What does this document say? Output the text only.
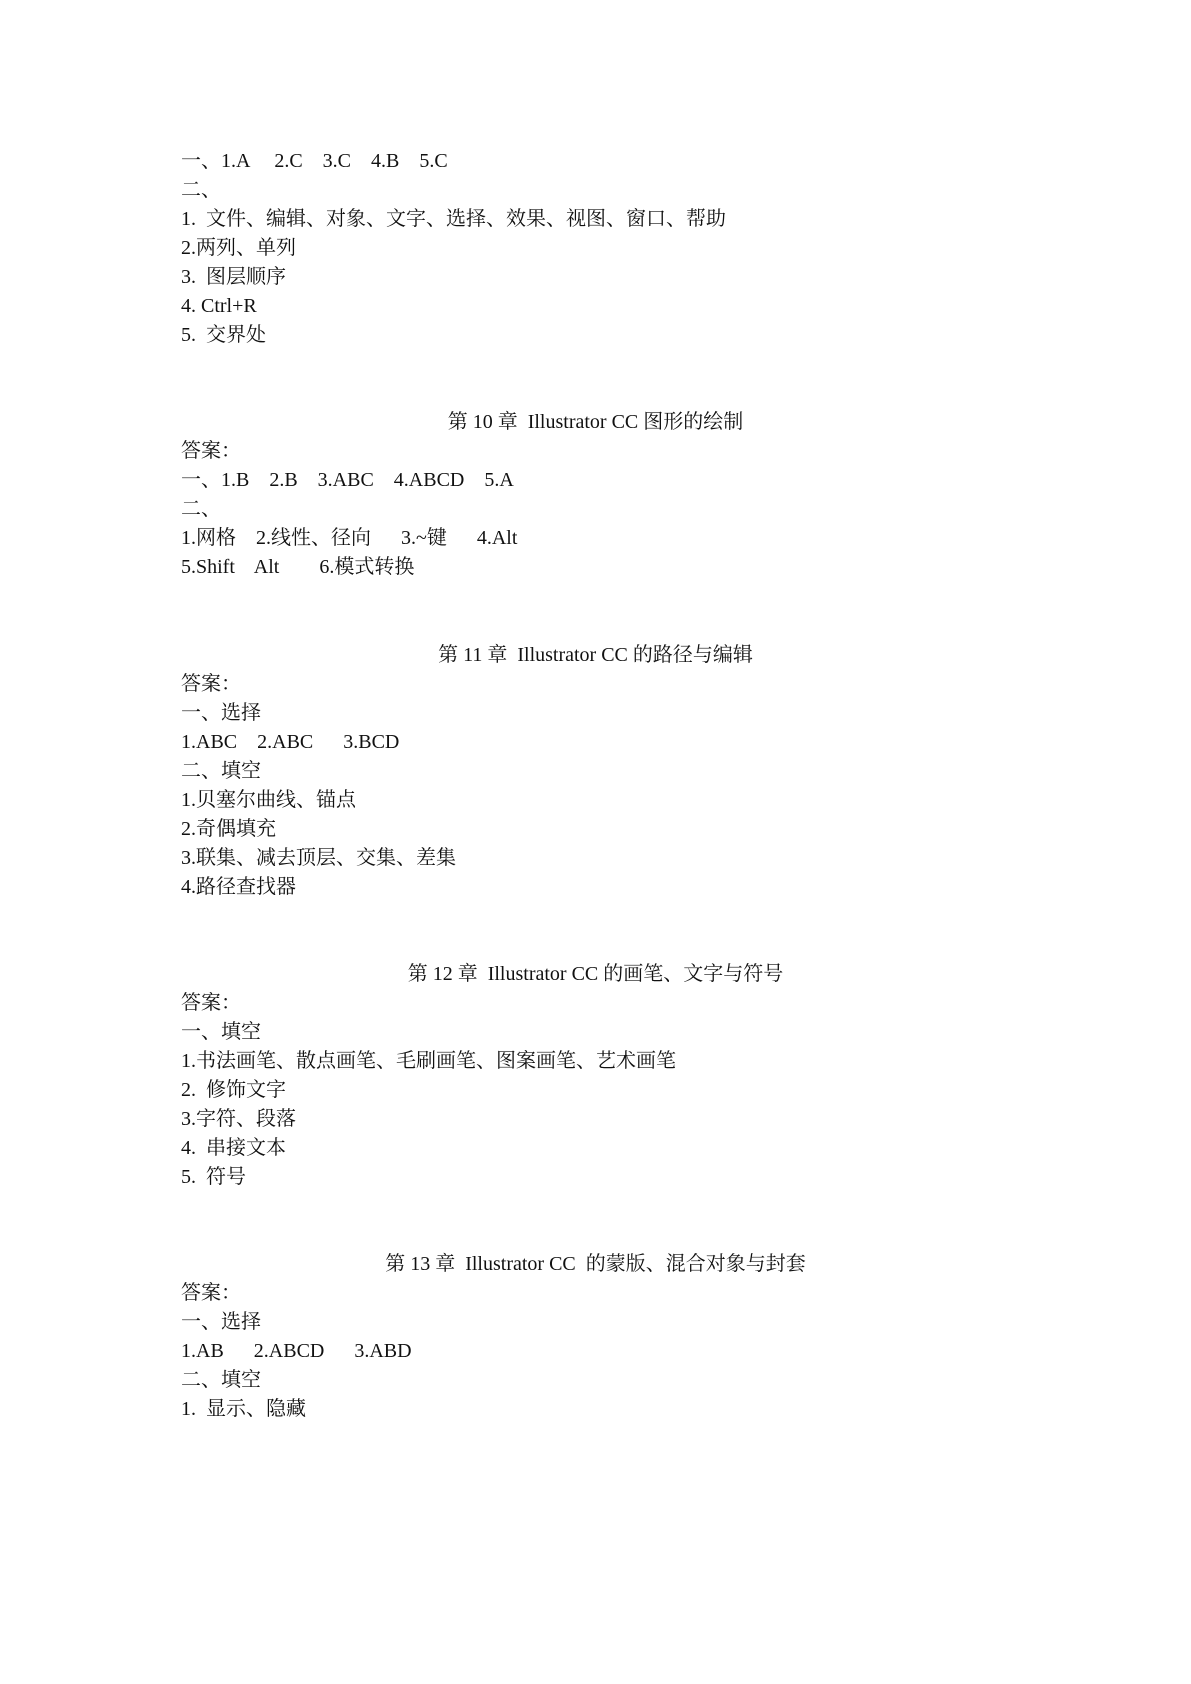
一、1.A     2.C    3.C    4.B    5.C
二、
1.  文件、编辑、对象、文字、选择、效果、视图、窗口、帮助
2.两列、单列
3.  图层顺序
4. Ctrl+R
5.  交界处
第 10 章  Illustrator CC 图形的绘制
答案：
一、1.B    2.B    3.ABC    4.ABCD    5.A
二、
1.网格    2.线性、径向      3.~键      4.Alt
5.Shift    Alt        6.模式转换
第 11 章  Illustrator CC 的路径与编辑
答案：
一、选择
1.ABC    2.ABC      3.BCD
二、填空
1.贝塞尔曲线、锚点
2.奇偶填充
3.联集、减去顶层、交集、差集
4.路径查找器
第 12 章  Illustrator CC 的画笔、文字与符号
答案：
一、填空
1.书法画笔、散点画笔、毛刷画笔、图案画笔、艺术画笔
2.  修饰文字
3.字符、段落
4.  串接文本
5.  符号
第 13 章  Illustrator CC  的蒙版、混合对象与封套
答案：
一、选择
1.AB      2.ABCD      3.ABD
二、填空
1.  显示、隐藏
